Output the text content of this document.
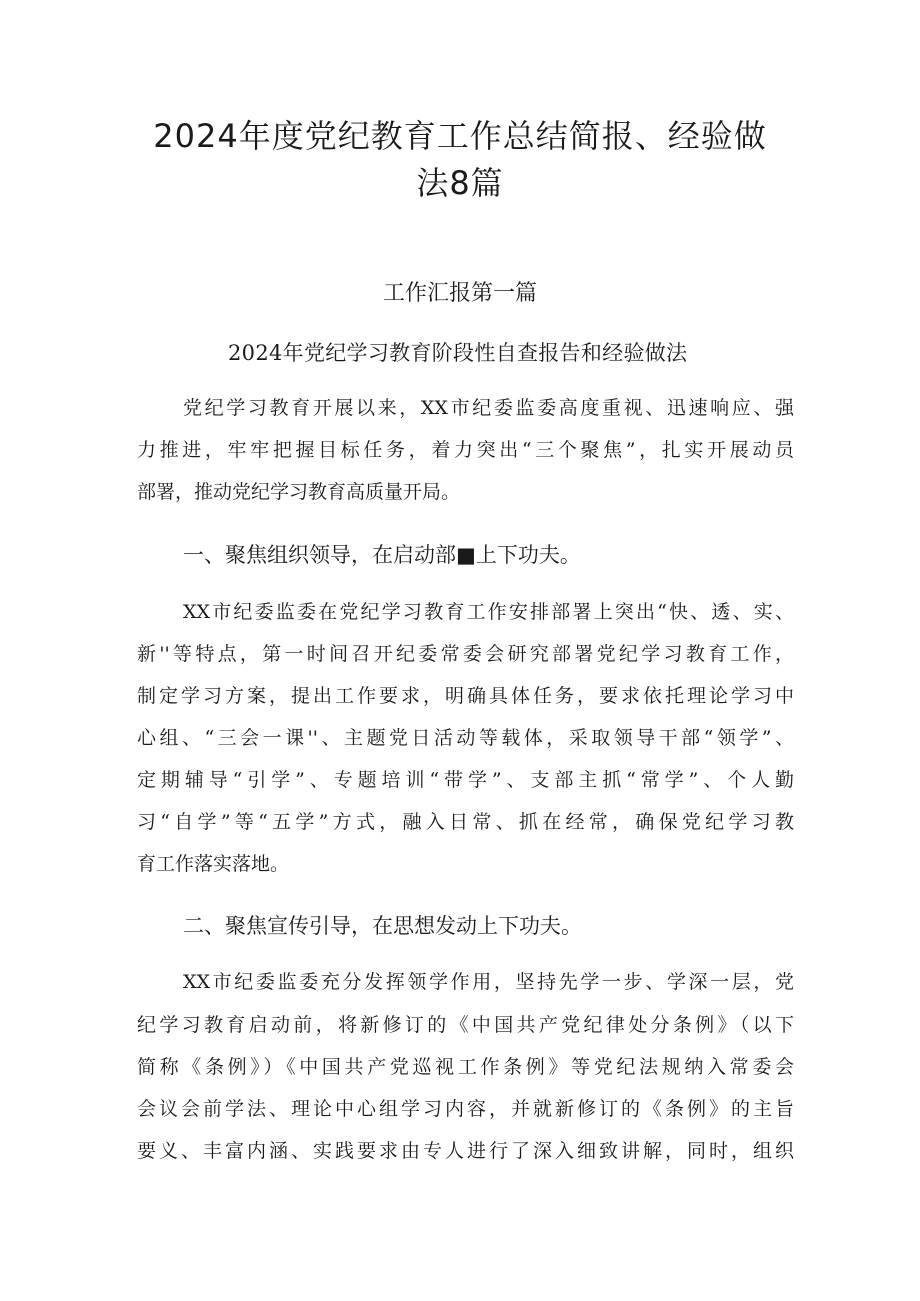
2024年度党纪教育工作总结简报、经验做
法8篇
工作汇报第一篇
2024年党纪学习教育阶段性自查报告和经验做法

党纪学习教育开展以来，XX市纪委监委高度重视、迅速响应、强

力推进，牢牢把握目标任务，着力突出“三个聚焦”，扎实开展动员

部署，推动党纪学习教育高质量开局。

一、聚焦组织领导，在启动部■上下功夫。

XX市纪委监委在党纪学习教育工作安排部署上突出“快、透、实、

新''等特点，第一时间召开纪委常委会研究部署党纪学习教育工作，

制定学习方案，提出工作要求，明确具体任务，要求依托理论学习中

心组、“三会一课''、主题党日活动等载体，采取领导干部“领学”、

定期辅导“引学”、专题培训“带学”、支部主抓“常学”、个人勤

习“自学”等“五学”方式，融入日常、抓在经常，确保党纪学习教

育工作落实落地。

二、聚焦宣传引导，在思想发动上下功夫。

XX市纪委监委充分发挥领学作用，坚持先学一步、学深一层，党

纪学习教育启动前，将新修订的《中国共产党纪律处分条例》（以下

简称《条例》）《中国共产党巡视工作条例》等党纪法规纳入常委会

会议会前学法、理论中心组学习内容，并就新修订的《条例》的主旨

要义、丰富内涵、实践要求由专人进行了深入细致讲解，同时，组织
